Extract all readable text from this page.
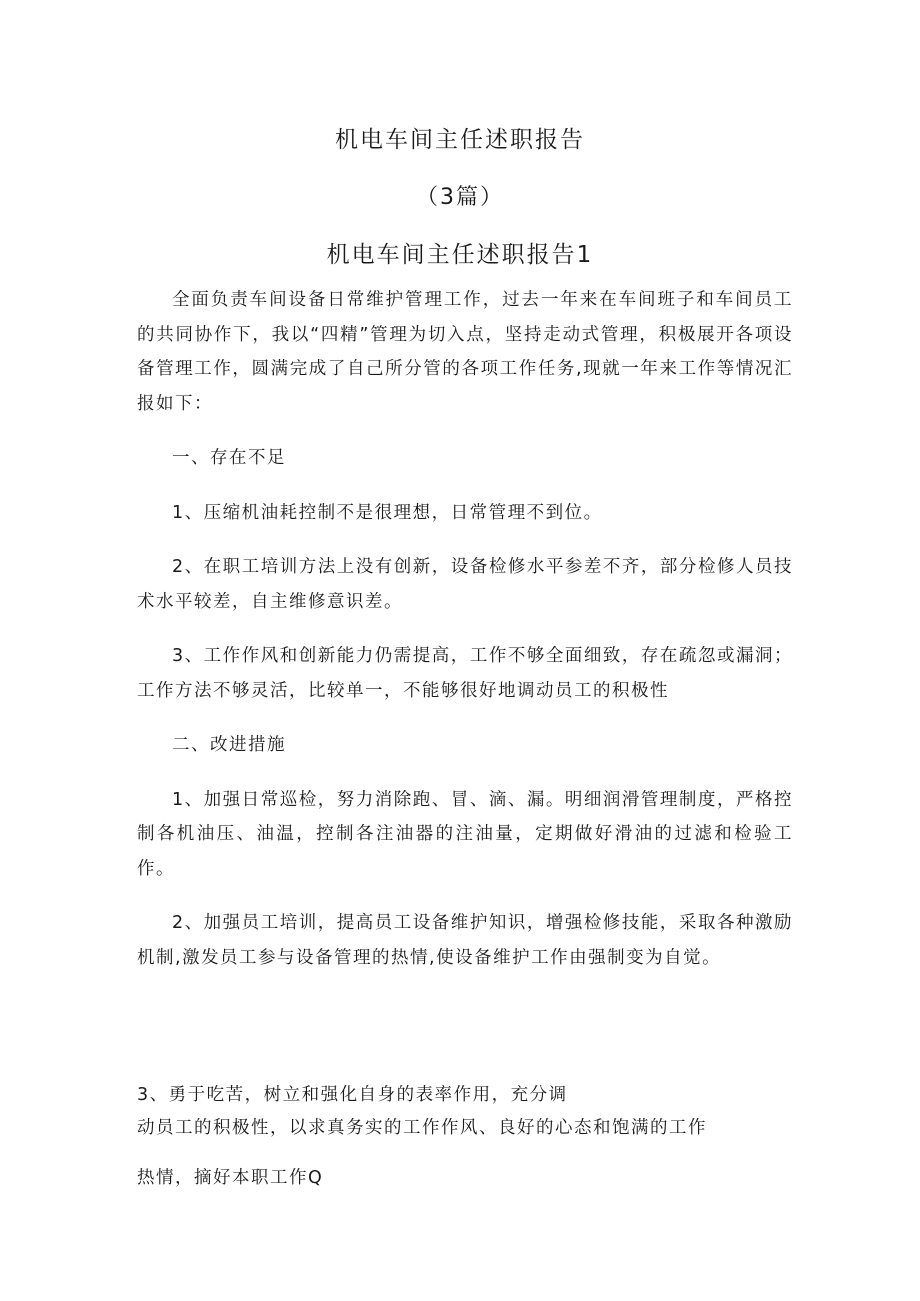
机电车间主任述职报告
（3篇）
机电车间主任述职报告1

全面负责车间设备日常维护管理工作，过去一年来在车间班子和车间员工的共同协作下，我以“四精”管理为切入点，坚持走动式管理，积极展开各项设备管理工作，圆满完成了自己所分管的各项工作任务,现就一年来工作等情况汇报如下：

一、存在不足

1、压缩机油耗控制不是很理想，日常管理不到位。

2、在职工培训方法上没有创新，设备检修水平参差不齐，部分检修人员技术水平较差，自主维修意识差。

3、工作作风和创新能力仍需提高，工作不够全面细致，存在疏忽或漏洞；工作方法不够灵活，比较单一，不能够很好地调动员工的积极性

二、改进措施

1、加强日常巡检，努力消除跑、冒、滴、漏。明细润滑管理制度，严格控制各机油压、油温，控制各注油器的注油量，定期做好滑油的过滤和检验工作。

2、加强员工培训，提高员工设备维护知识，增强检修技能，采取各种激励机制,激发员工参与设备管理的热情,使设备维护工作由强制变为自觉。

3、勇于吃苦，树立和强化自身的表率作用，充分调

动员工的积极性，以求真务实的工作作风、良好的心态和饱满的工作

热情，摘好本职工作Q
